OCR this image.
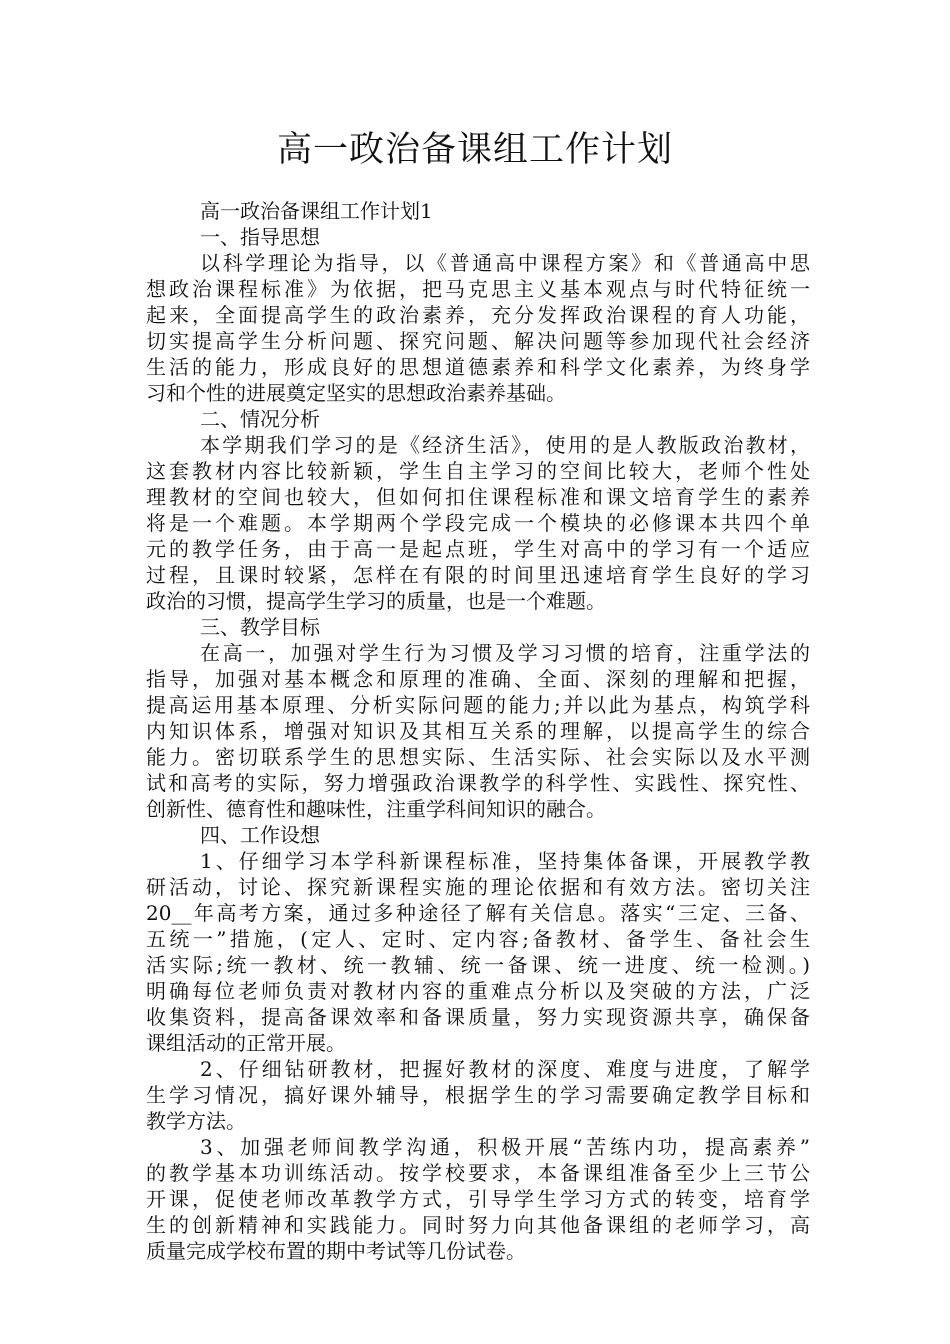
高一政治备课组工作计划
高一政治备课组工作计划1
一、指导思想
以科学理论为指导，以《普通高中课程方案》和《普通高中思
想政治课程标准》为依据，把马克思主义基本观点与时代特征统一
起来，全面提高学生的政治素养，充分发挥政治课程的育人功能，
切实提高学生分析问题、探究问题、解决问题等参加现代社会经济
生活的能力，形成良好的思想道德素养和科学文化素养，为终身学
习和个性的进展奠定坚实的思想政治素养基础。
二、情况分析
本学期我们学习的是《经济生活》，使用的是人教版政治教材，
这套教材内容比较新颖，学生自主学习的空间比较大，老师个性处
理教材的空间也较大，但如何扣住课程标准和课文培育学生的素养
将是一个难题。本学期两个学段完成一个模块的必修课本共四个单
元的教学任务，由于高一是起点班，学生对高中的学习有一个适应
过程，且课时较紧，怎样在有限的时间里迅速培育学生良好的学习
政治的习惯，提高学生学习的质量，也是一个难题。
三、教学目标
在高一，加强对学生行为习惯及学习习惯的培育，注重学法的
指导，加强对基本概念和原理的准确、全面、深刻的理解和把握，
提高运用基本原理、分析实际问题的能力;并以此为基点，构筑学科
内知识体系，增强对知识及其相互关系的理解，以提高学生的综合
能力。密切联系学生的思想实际、生活实际、社会实际以及水平测
试和高考的实际，努力增强政治课教学的科学性、实践性、探究性、
创新性、德育性和趣味性，注重学科间知识的融合。
四、工作设想
1、仔细学习本学科新课程标准，坚持集体备课，开展教学教
研活动，讨论、探究新课程实施的理论依据和有效方法。密切关注
20__年高考方案，通过多种途径了解有关信息。落实“三定、三备、
五统一”措施，(定人、定时、定内容;备教材、备学生、备社会生
活实际;统一教材、统一教辅、统一备课、统一进度、统一检测。)
明确每位老师负责对教材内容的重难点分析以及突破的方法，广泛
收集资料，提高备课效率和备课质量，努力实现资源共享，确保备
课组活动的正常开展。
2、仔细钻研教材，把握好教材的深度、难度与进度，了解学
生学习情况，搞好课外辅导，根据学生的学习需要确定教学目标和
教学方法。
3、加强老师间教学沟通，积极开展“苦练内功，提高素养”
的教学基本功训练活动。按学校要求，本备课组准备至少上三节公
开课，促使老师改革教学方式，引导学生学习方式的转变，培育学
生的创新精神和实践能力。同时努力向其他备课组的老师学习，高
质量完成学校布置的期中考试等几份试卷。
